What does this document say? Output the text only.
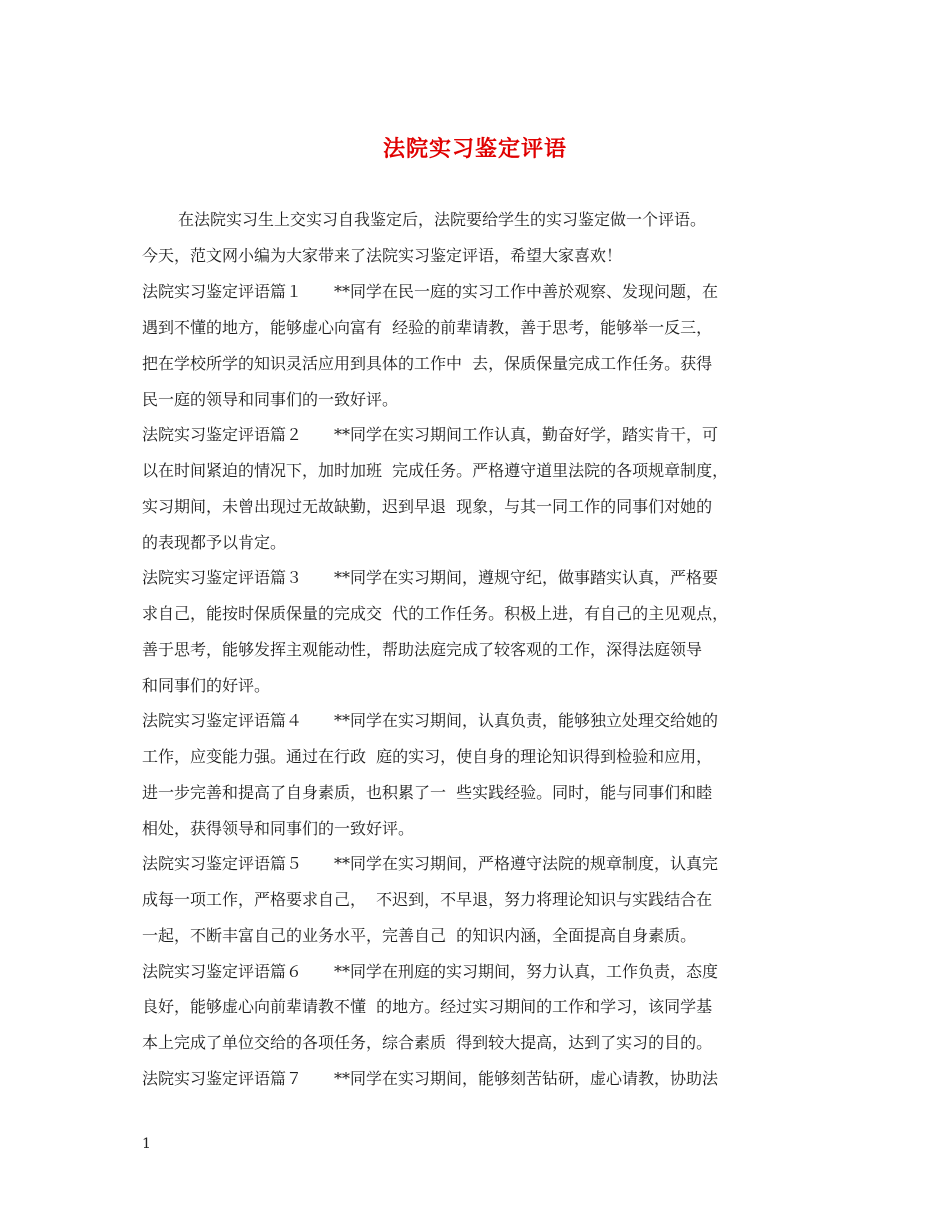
法院实习鉴定评语
在法院实习生上交实习自我鉴定后，法院要给学生的实习鉴定做一个评语。
今天，范文网小编为大家带来了法院实习鉴定评语，希望大家喜欢！
法院实习鉴定评语篇１　　**同学在民一庭的实习工作中善於观察、发现问题，在
遇到不懂的地方，能够虚心向富有  经验的前辈请教，善于思考，能够举一反三，
把在学校所学的知识灵活应用到具体的工作中  去，保质保量完成工作任务。获得
民一庭的领导和同事们的一致好评。
法院实习鉴定评语篇２　　**同学在实习期间工作认真，勤奋好学，踏实肯干，可
以在时间紧迫的情况下，加时加班  完成任务。严格遵守道里法院的各项规章制度，
实习期间，未曾出现过无故缺勤，迟到早退  现象，与其一同工作的同事们对她的
的表现都予以肯定。
法院实习鉴定评语篇３　　**同学在实习期间，遵规守纪，做事踏实认真，严格要
求自己，能按时保质保量的完成交  代的工作任务。积极上进，有自己的主见观点，
善于思考，能够发挥主观能动性，帮助法庭完成了较客观的工作，深得法庭领导
和同事们的好评。
法院实习鉴定评语篇４　　**同学在实习期间，认真负责，能够独立处理交给她的
工作，应变能力强。通过在行政  庭的实习，使自身的理论知识得到检验和应用，
进一步完善和提高了自身素质，也积累了一  些实践经验。同时，能与同事们和睦
相处，获得领导和同事们的一致好评。
法院实习鉴定评语篇５　　**同学在实习期间，严格遵守法院的规章制度，认真完
成每一项工作，严格要求自己，  不迟到，不早退，努力将理论知识与实践结合在
一起，不断丰富自己的业务水平，完善自己  的知识内涵，全面提高自身素质。
法院实习鉴定评语篇６　　**同学在刑庭的实习期间，努力认真，工作负责，态度
良好，能够虚心向前辈请教不懂  的地方。经过实习期间的工作和学习，该同学基
本上完成了单位交给的各项任务，综合素质  得到较大提高，达到了实习的目的。
法院实习鉴定评语篇７　　**同学在实习期间，能够刻苦钻研，虚心请教，协助法
1
